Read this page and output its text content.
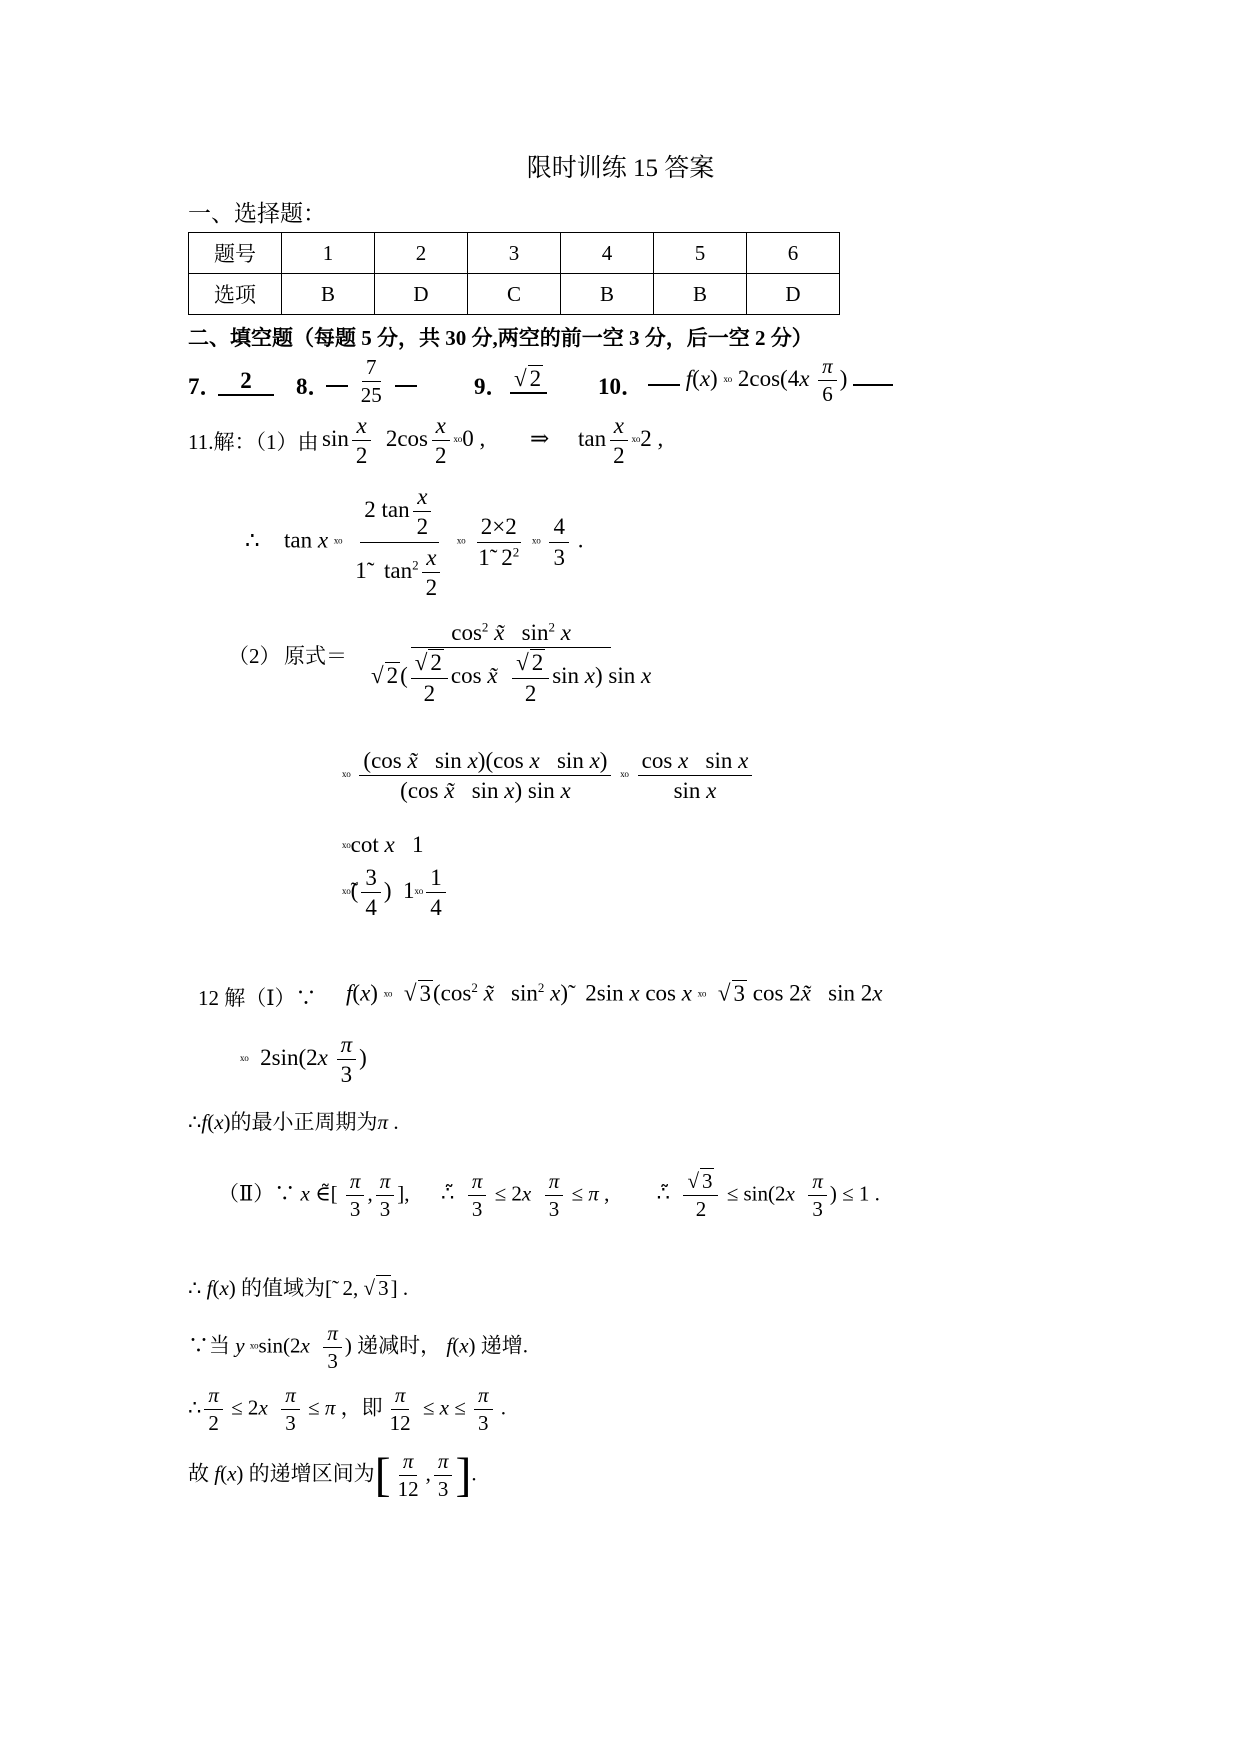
限时训练 15 答案
一、选择题：
题号	1	2	3	4	5	6
选项	B	D	C	B	B	D
二、填空题（每题 5 分，共 30 分,两空的前一空 3 分，后一空 2 分）
7． 2	8．
$\frac{7}{25}$
	9． √ 2 10．	f(x) ˣᵒ $2\cos(4x \frac{\pi}{6}$ )
11.解：（1）由 $\sin \frac{x}{2} 2\cos \frac{x}{2}$ ˣᵒ0 , ⇒ $\tan \frac{x}{2}$ ˣᵒ2 ,
∴ tan x ˣᵒ $\frac{2 \tan \frac{x}{2}}{1̃ \tan^2 \frac{x}{2}}$ ˣᵒ $\frac{2\times 2}{1̃ 2^2}$ ˣᵒ $\frac{4}{3}$ .
（2） 原式＝ $\frac{\cos^2 x̃ \sin^2 x}{√ 2( \frac{√ 2}{2} \cos x̃ \frac{√ 2}{2} \sin x) \sin x}$
ˣᵒ $\frac{\text{(cos x̃   sin x)(cos x   sin x)}}{\text{(cos x̃   sin x) sin x}}$ ˣᵒ $\frac{\text{cos x   sin x}}{\text{sin x}}$
ˣᵒcot x   1
ˣᵒ̃( $\frac{3}{4}$ )  1ˣᵒ $\frac{1}{4}$
12 解（Ⅰ）∵ f(x) ˣᵒ  √ $3(\cos^2$ x̃   $\sin^2$ x)̃   2sin x cos x ˣᵒ  √ 3 cos 2x̃   sin 2x
ˣᵒ  $2\sin(2x \frac{\pi}{3}$ )
∴f(x)的最小正周期为π .
（Ⅱ）∵ x ∈̃[ $\frac{\pi}{3}$ , $\frac{\pi}{3}$ ],      ∴̃ $\frac{\pi}{3} \le 2x \frac{\pi}{3} \le \pi$ ,         ∴̃ $\frac{√ 3}{2} \le \sin(2x \frac{\pi}{3}$ ) ≤ 1 .
∴ f(x) 的值域为[̃  2, √ 3] .
∵当 y ˣᵒsin(2x $\frac{\pi}{3}$ ) 递减时， f(x) 递增.
∴ $\frac{\pi}{2} \le 2x \frac{\pi}{3} \le \pi$ ，即 $\frac{\pi}{12} \le x \le \frac{\pi}{3}$ .
故 f(x) 的递增区间为[ $\frac{\pi}{12}$ , $\frac{\pi}{3}$ ].
